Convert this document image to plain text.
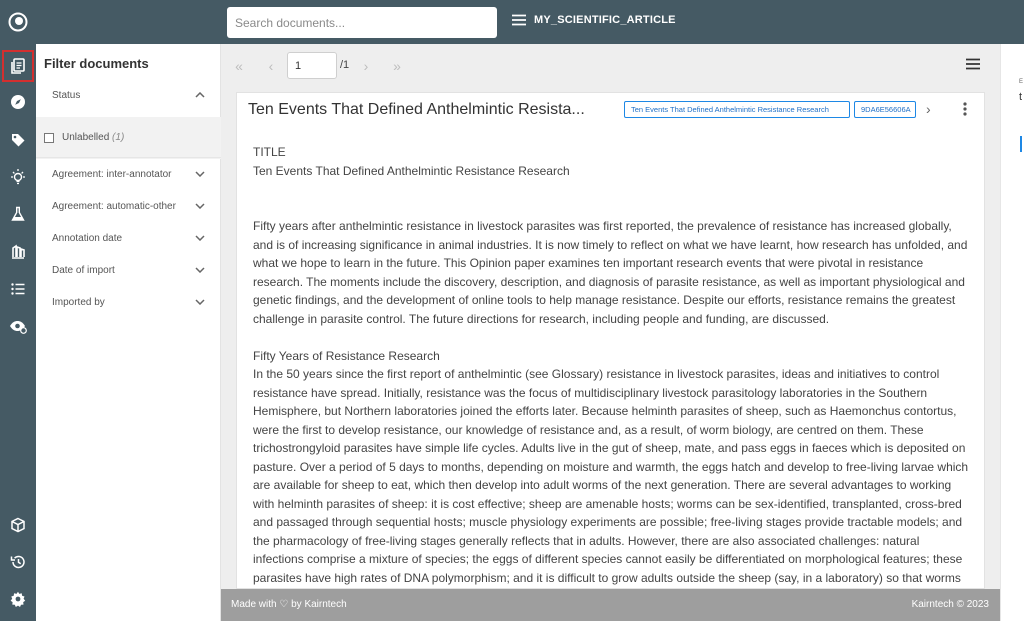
Search documents...
MY_SCIENTIFIC_ARTICLE
Filter documents
Status
Unlabelled (1)
Agreement: inter-annotator
Agreement: automatic-other
Annotation date
Date of import
Imported by
«	‹
1	/1	›	»
Ten Events That Defined Anthelmintic Resista...	Ten Events That Defined Anthelmintic Resistance Research	9DA6E56606A	›

TITLE

Ten Events That Defined Anthelmintic Resistance Research

Fifty years after anthelmintic resistance in livestock parasites was first reported, the prevalence of resistance has increased globally, and is of increasing significance in animal industries. It is now timely to reflect on what we have learnt, how research has unfolded, and what we hope to learn in the future. This Opinion paper examines ten important research events that were pivotal in resistance research. The moments include the discovery, description, and diagnosis of parasite resistance, as well as important physiological and genetic findings, and the development of online tools to help manage resistance. Despite our efforts, resistance remains the greatest challenge in parasite control. The future directions for research, including people and funding, are discussed.

Fifty Years of Resistance Research

In the 50 years since the first report of anthelmintic (see Glossary) resistance in livestock parasites, ideas and initiatives to control resistance have spread. Initially, resistance was the focus of multidisciplinary livestock parasitology laboratories in the Southern Hemisphere, but Northern laboratories joined the efforts later. Because helminth parasites of sheep, such as Haemonchus contortus, were the first to develop resistance, our knowledge of resistance and, as a result, of worm biology, are centred on them. These trichostrongyloid parasites have simple life cycles. Adults live in the gut of sheep, mate, and pass eggs in faeces which is deposited on pasture. Over a period of 5 days to months, depending on moisture and warmth, the eggs hatch and develop to free-living larvae which are available for sheep to eat, which then develop into adult worms of the next generation. There are several advantages to working with helminth parasites of sheep: it is cost effective; sheep are amenable hosts; worms can be sex-identified, transplanted, cross-bred and passaged through sequential hosts; muscle physiology experiments are possible; free-living stages provide tractable models; and the pharmacology of free-living stages generally reflects that in adults. However, there are also associated challenges: natural infections comprise a mixture of species; the eggs of different species cannot easily be differentiated on morphological features; these parasites have high rates of DNA polymorphism; and it is difficult to grow adults outside the sheep (say, in a laboratory) so that worms

Made with ♡ by Kairntech	Kairntech © 2023
E
t
